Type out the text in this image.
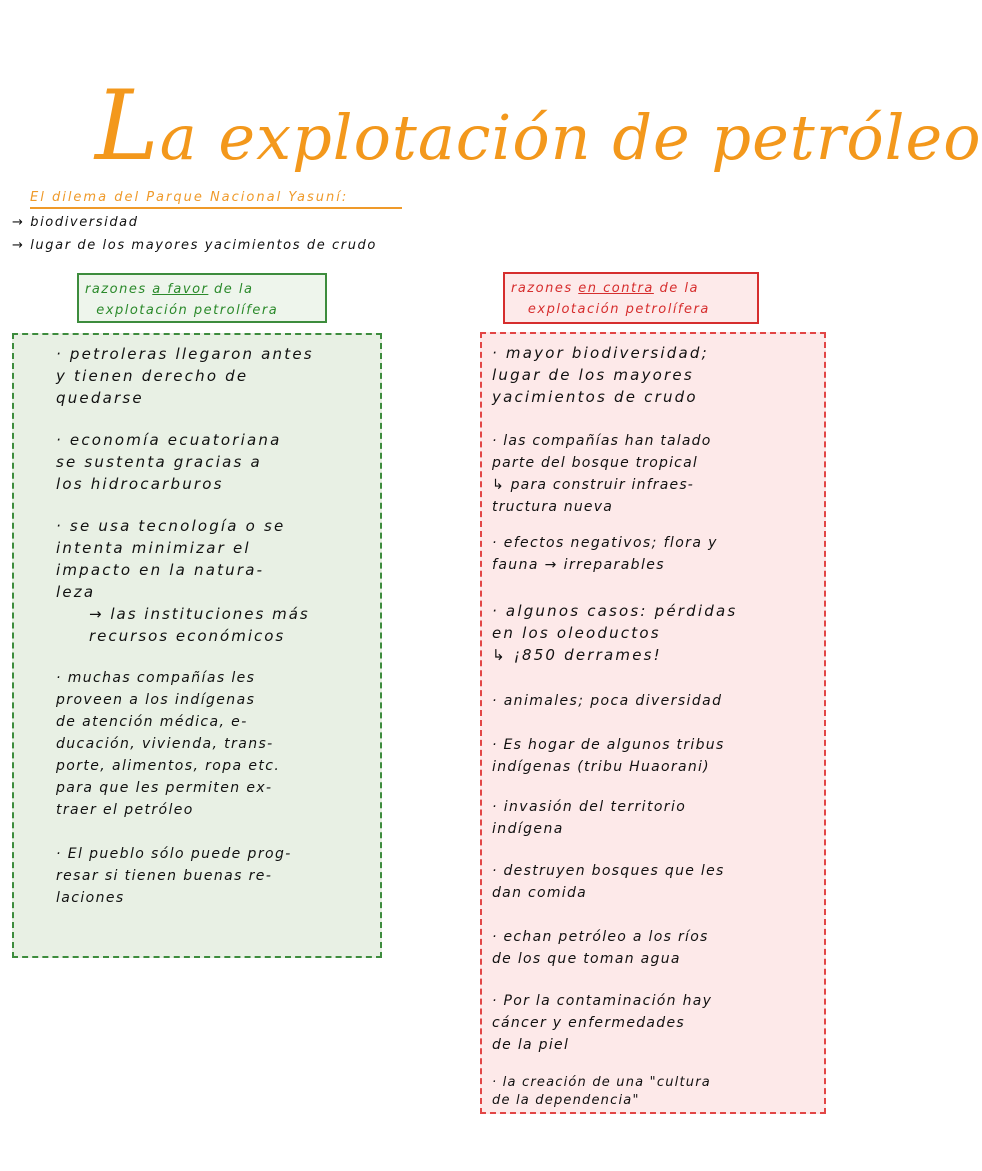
La explotación de petróleo
El dilema del Parque Nacional Yasuní:
→ biodiversidad
→ lugar de los mayores yacimientos de crudo
razones a favor de la
explotación petrolífera
razones en contra de la
explotación petrolífera
· petroleras llegaron antes
y tienen derecho de
quedarse
· economía ecuatoriana
se sustenta gracias a
los hidrocarburos
· se usa tecnología o se
intenta minimizar el
impacto en la natura-
leza
→ las instituciones más
recursos económicos
· muchas compañías les
proveen a los indígenas
de atención médica, e-
ducación, vivienda, trans-
porte, alimentos, ropa etc.
para que les permiten ex-
traer el petróleo
· El pueblo sólo puede prog-
resar si tienen buenas re-
laciones
· mayor biodiversidad;
lugar de los mayores
yacimientos de crudo
· las compañías han talado
parte del bosque tropical
↳ para construir infraes-
tructura nueva
· efectos negativos; flora y
fauna → irreparables
· algunos casos: pérdidas
en los oleoductos
↳ ¡850 derrames!
· animales; poca diversidad
· Es hogar de algunos tribus
indígenas (tribu Huaorani)
· invasión del territorio
indígena
· destruyen bosques que les
dan comida
· echan petróleo a los ríos
de los que toman agua
· Por la contaminación hay
cáncer y enfermedades
de la piel
· la creación de una "cultura
de la dependencia"
